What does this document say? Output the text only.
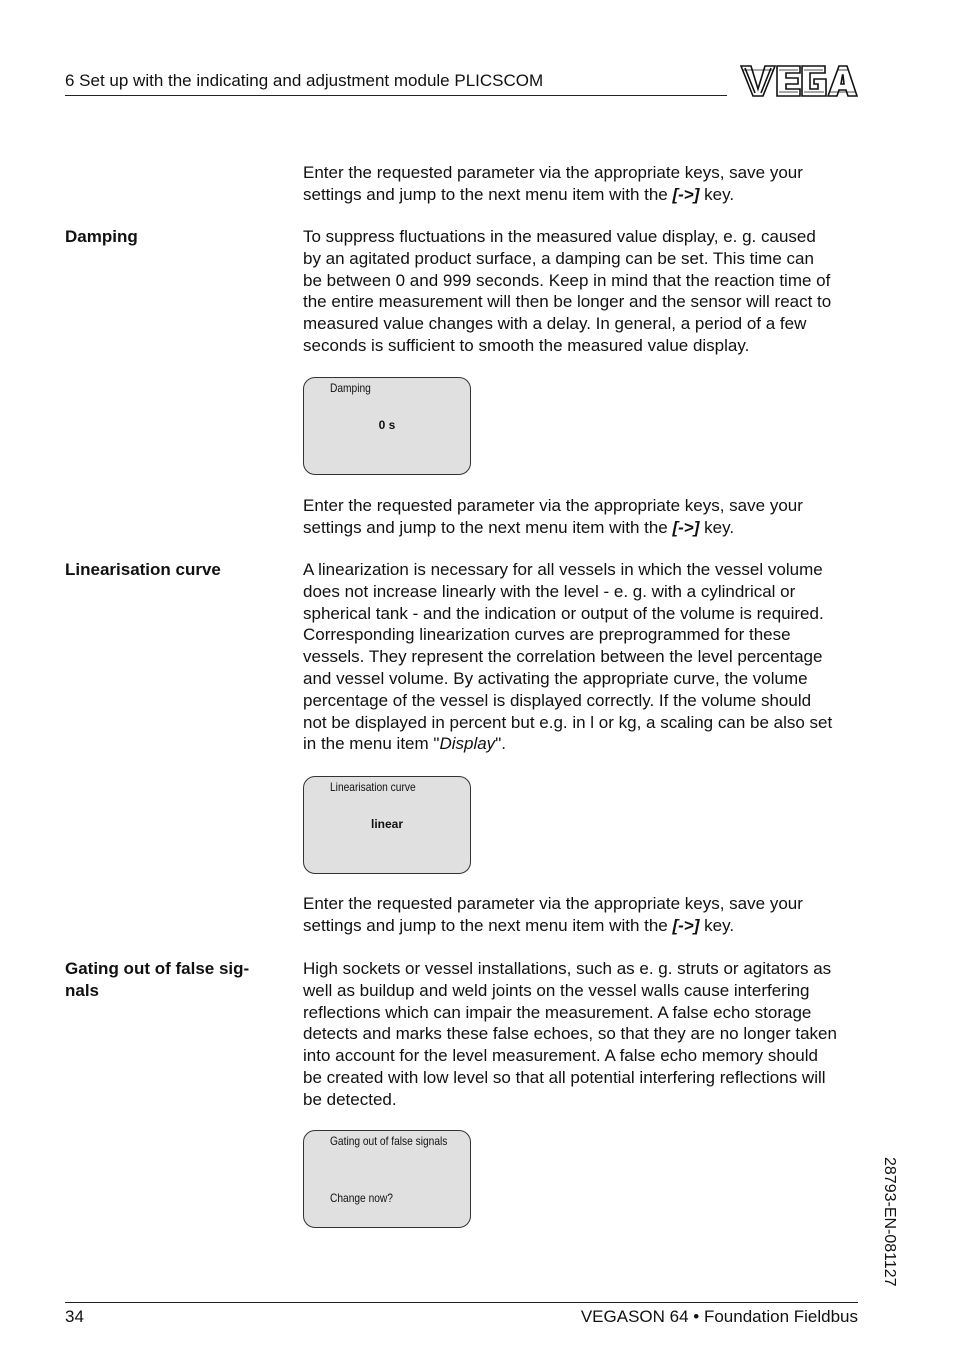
6 Set up with the indicating and adjustment module PLICSCOM
Enter the requested parameter via the appropriate keys, save your
settings and jump to the next menu item with the [->] key.
Damping	To suppress fluctuations in the measured value display, e. g. caused
by an agitated product surface, a damping can be set. This time can
be between 0 and 999 seconds. Keep in mind that the reaction time of
the entire measurement will then be longer and the sensor will react to
measured value changes with a delay. In general, a period of a few
seconds is sufficient to smooth the measured value display.
Damping
0 s
Enter the requested parameter via the appropriate keys, save your
settings and jump to the next menu item with the [->] key.
Linearisation curve	A linearization is necessary for all vessels in which the vessel volume
does not increase linearly with the level - e. g. with a cylindrical or
spherical tank - and the indication or output of the volume is required.
Corresponding linearization curves are preprogrammed for these
vessels. They represent the correlation between the level percentage
and vessel volume. By activating the appropriate curve, the volume
percentage of the vessel is displayed correctly. If the volume should
not be displayed in percent but e.g. in l or kg, a scaling can be also set
in the menu item "Display".
Linearisation curve
linear
Enter the requested parameter via the appropriate keys, save your
settings and jump to the next menu item with the [->] key.
Gating out of false sig-
nals
High sockets or vessel installations, such as e. g. struts or agitators as
well as buildup and weld joints on the vessel walls cause interfering
reflections which can impair the measurement. A false echo storage
detects and marks these false echoes, so that they are no longer taken
into account for the level measurement. A false echo memory should
be created with low level so that all potential interfering reflections will
be detected.
Gating out of false signals
Change now?	28793-EN-081127
34	VEGASON 64 • Foundation Fieldbus
